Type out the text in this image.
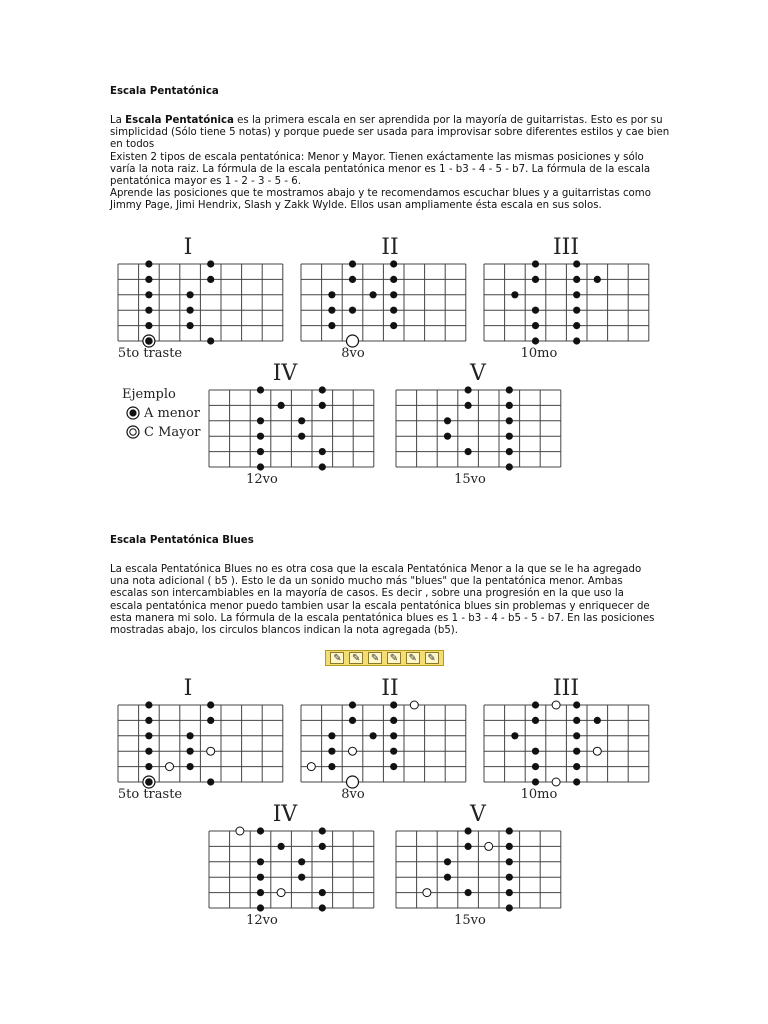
Escala Pentatónica

La Escala Pentatónica es la primera escala en ser aprendida por la mayoría de guitarristas. Esto es por su simplicidad (Sólo tiene 5 notas) y porque puede ser usada para improvisar sobre diferentes estilos y cae bien en todos

Existen 2 tipos de escala pentatónica: Menor y Mayor. Tienen exáctamente las mismas posiciones y sólo varía la nota raiz. La fórmula de la escala pentatónica menor es 1 - b3 - 4 - 5 - b7. La fórmula de la escala pentatónica mayor es 1 - 2 - 3 - 5 - 6.

Aprende las posiciones que te mostramos abajo y te recomendamos escuchar blues y a guitarristas como Jimmy Page, Jimi Hendrix, Slash y Zakk Wylde. Ellos usan ampliamente ésta escala en sus solos.

Escala Pentatónica Blues

La escala Pentatónica Blues no es otra cosa que la escala Pentatónica Menor a la que se le ha agregado una nota adicional ( b5 ). Esto le da un sonido mucho más "blues" que la pentatónica menor. Ambas escalas son intercambiables en la mayoría de casos. Es decir , sobre una progresión en la que uso la escala pentatónica menor puedo tambien usar la escala pentatónica blues sin problemas y enriquecer de esta manera mi solo. La fórmula de la escala pentatónica blues es 1 - b3 - 4 - b5 - 5 - b7. En las posiciones mostradas abajo, los circulos blancos indican la nota agregada (b5).

✎ ✎ ✎ ✎ ✎ ✎
I	II	III
5to traste	8vo	10mo
IV	V
12vo	15vo
I	II	III
5to traste	8vo	10mo
IV	V
12vo	15vo
Ejemplo
A menor
C Mayor
